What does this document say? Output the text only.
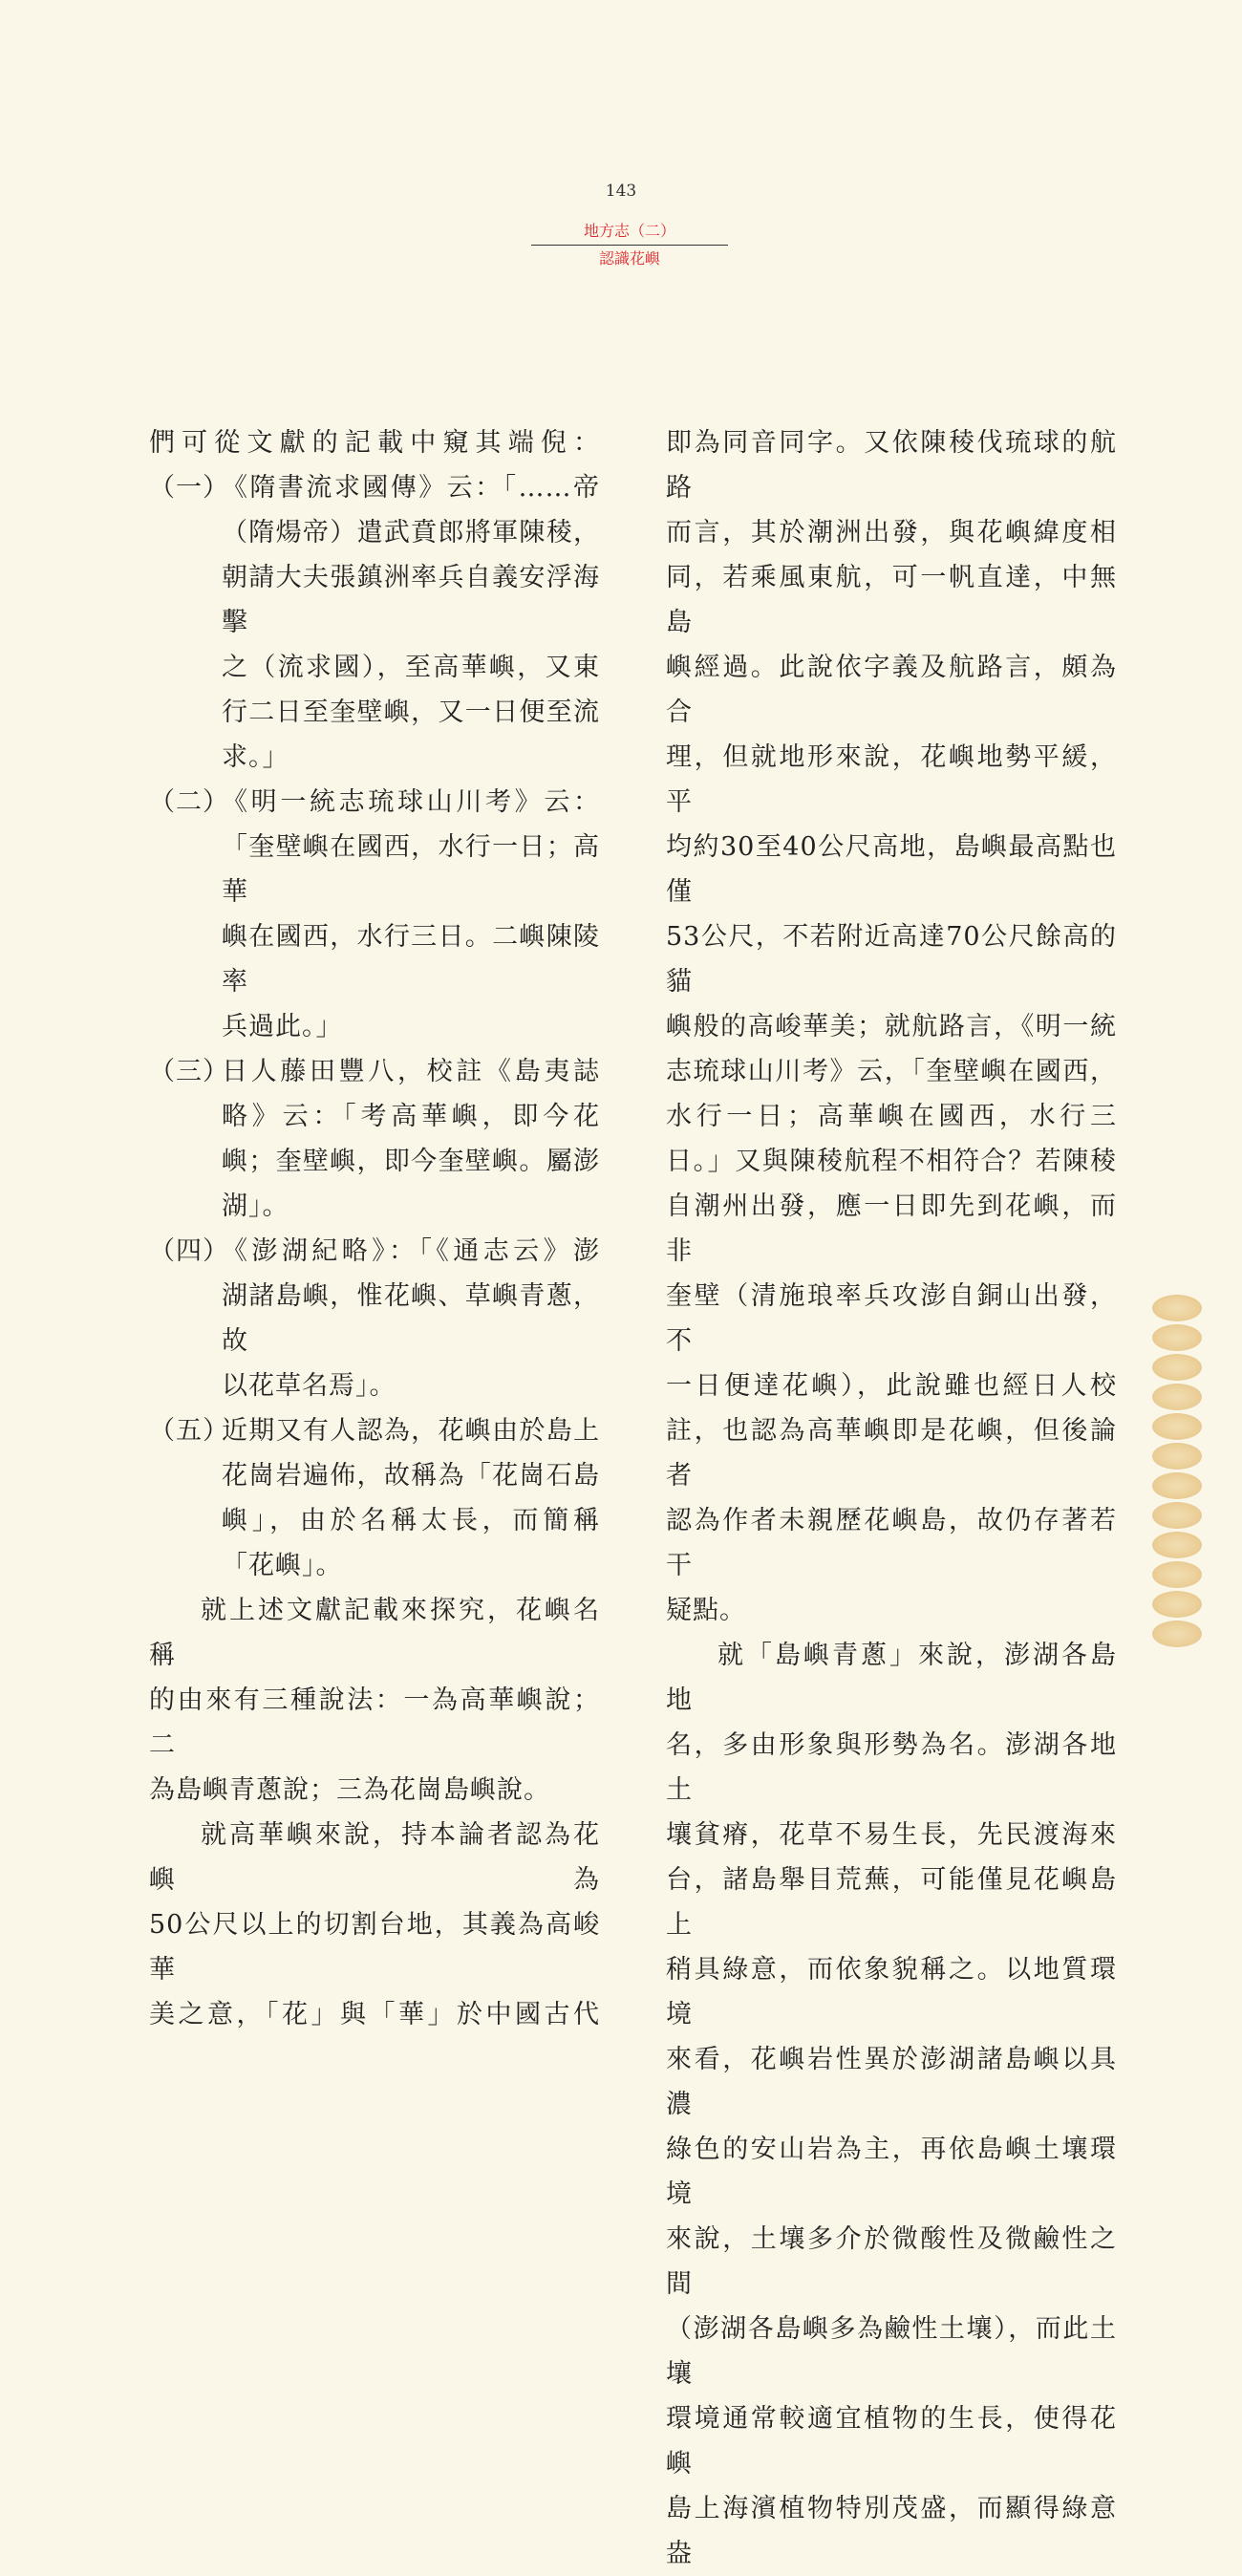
143
地方志（二）
認識花嶼
們可從文獻的記載中窺其端倪：
（一）
《隋書流求國傳》云：「……帝
（隋煬帝）遣武賁郎將軍陳稜，
朝請大夫張鎮洲率兵自義安浮海擊
之（流求國），至高華嶼，又東
行二日至奎壁嶼，又一日便至流
求。」
（二）
《明一統志琉球山川考》云：
「奎壁嶼在國西，水行一日；高華
嶼在國西，水行三日。二嶼陳陵率
兵過此。」
（三）
日人藤田豐八，校註《島夷誌
略》云：「考高華嶼，即今花
嶼；奎壁嶼，即今奎壁嶼。屬澎
湖」。
（四）
《澎湖紀略》：「《通志云》澎
湖諸島嶼，惟花嶼、草嶼青蔥，故
以花草名焉」。
（五）
近期又有人認為，花嶼由於島上
花崗岩遍佈，故稱為「花崗石島
嶼」，由於名稱太長，而簡稱
「花嶼」。
就上述文獻記載來探究，花嶼名稱
的由來有三種說法：一為高華嶼說；二
為島嶼青蔥說；三為花崗島嶼說。
就高華嶼來說，持本論者認為花嶼為
50公尺以上的切割台地，其義為高峻華
美之意，「花」與「華」於中國古代
即為同音同字。又依陳稜伐琉球的航路
而言，其於潮洲出發，與花嶼緯度相
同，若乘風東航，可一帆直達，中無島
嶼經過。此說依字義及航路言，頗為合
理，但就地形來說，花嶼地勢平緩，平
均約30至40公尺高地，島嶼最高點也僅
53公尺，不若附近高達70公尺餘高的貓
嶼般的高峻華美；就航路言，《明一統
志琉球山川考》云，「奎壁嶼在國西，
水行一日；高華嶼在國西，水行三
日。」又與陳稜航程不相符合？若陳稜
自潮州出發，應一日即先到花嶼，而非
奎壁（清施琅率兵攻澎自銅山出發，不
一日便達花嶼），此說雖也經日人校
註，也認為高華嶼即是花嶼，但後論者
認為作者未親歷花嶼島，故仍存著若干
疑點。
就「島嶼青蔥」來說，澎湖各島地
名，多由形象與形勢為名。澎湖各地土
壤貧瘠，花草不易生長，先民渡海來
台，諸島舉目荒蕪，可能僅見花嶼島上
稍具綠意，而依象貌稱之。以地質環境
來看，花嶼岩性異於澎湖諸島嶼以具濃
綠色的安山岩為主，再依島嶼土壤環境
來說，土壤多介於微酸性及微鹼性之間
（澎湖各島嶼多為鹼性土壤），而此土壤
環境通常較適宜植物的生長，使得花嶼
島上海濱植物特別茂盛，而顯得綠意盎
